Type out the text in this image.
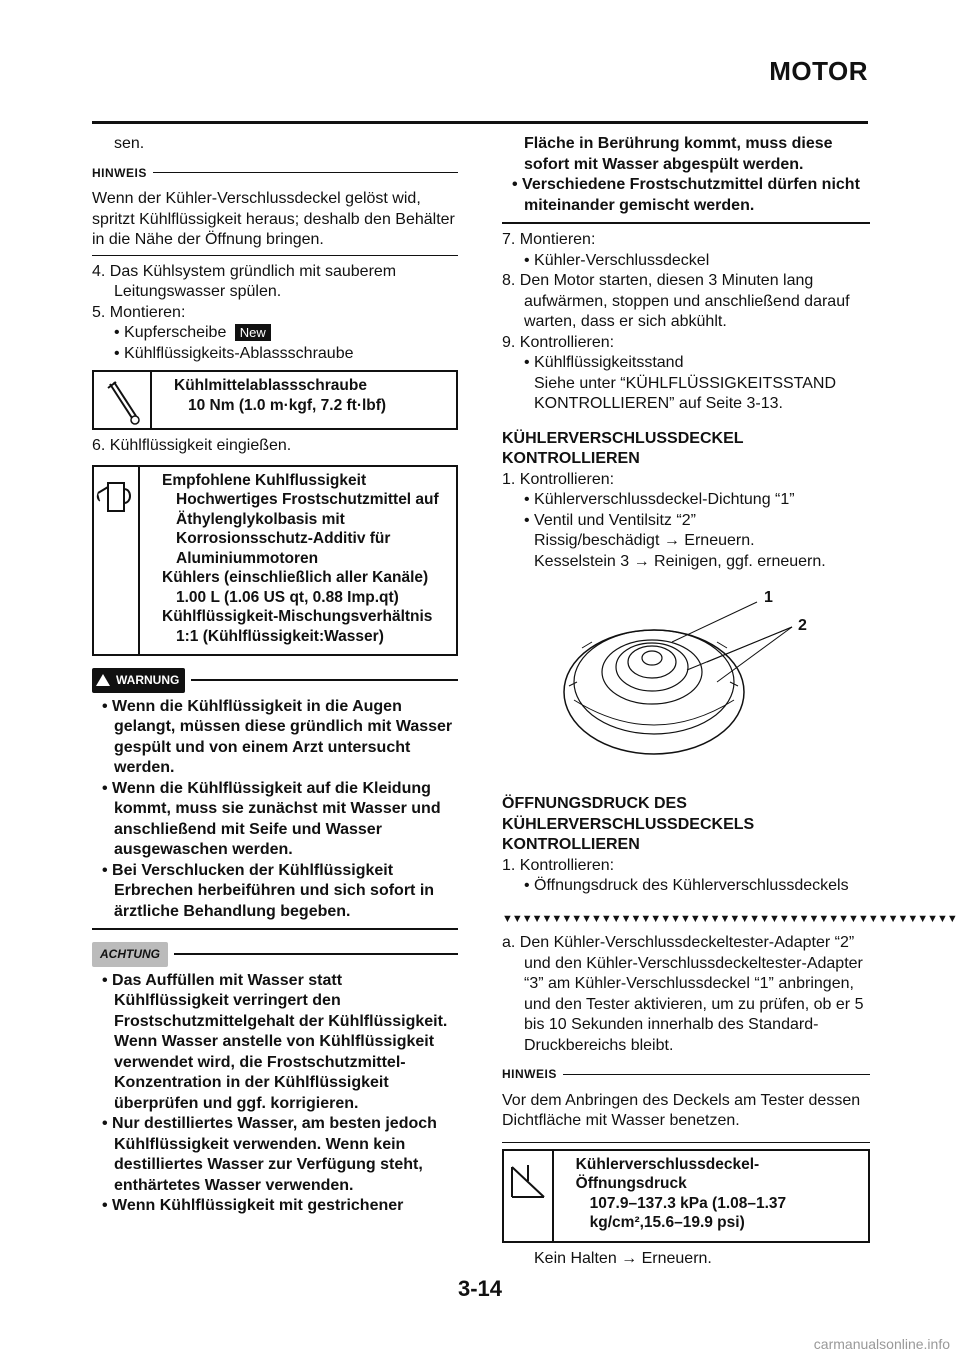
MOTOR

sen.

HINWEIS

Wenn der Kühler-Verschlussdeckel gelöst wid, spritzt Kühlflüssigkeit heraus; deshalb den Behälter in die Nähe der Öffnung bringen.

4. Das Kühlsystem gründlich mit sauberem Leitungswasser spülen.

5. Montieren:

• Kupferscheibe New

• Kühlflüssigkeits-Ablassschraube

Kühlmittelablassschraube
10 Nm (1.0 m·kgf, 7.2 ft·lbf)

6. Kühlflüssigkeit eingießen.

Empfohlene Kuhlflussigkeit
Hochwertiges Frostschutzmittel auf Äthylenglykolbasis mit Korrosionsschutz-Additiv für Aluminiummotoren
Kühlers (einschließlich aller Kanäle)
1.00 L (1.06 US qt, 0.88 Imp.qt)
Kühlflüssigkeit-Mischungsverhältnis
1:1 (Kühlflüssigkeit:Wasser)
WARNUNG

• Wenn die Kühlflüssigkeit in die Augen gelangt, müssen diese gründlich mit Wasser gespült und von einem Arzt untersucht werden.

• Wenn die Kühlflüssigkeit auf die Kleidung kommt, muss sie zunächst mit Wasser und anschließend mit Seife und Wasser ausgewaschen werden.

• Bei Verschlucken der Kühlflüssigkeit Erbrechen herbeiführen und sich sofort in ärztliche Behandlung begeben.

ACHTUNG

• Das Auffüllen mit Wasser statt Kühlflüssigkeit verringert den Frostschutzmittelgehalt der Kühlflüssigkeit. Wenn Wasser anstelle von Kühlflüssigkeit verwendet wird, die Frostschutzmittel-Konzentration in der Kühlflüssigkeit überprüfen und ggf. korrigieren.

• Nur destilliertes Wasser, am besten jedoch Kühlflüssigkeit verwenden. Wenn kein destilliertes Wasser zur Verfügung steht, enthärtetes Wasser verwenden.

• Wenn Kühlflüssigkeit mit gestrichener

Fläche in Berührung kommt, muss diese sofort mit Wasser abgespült werden.

• Verschiedene Frostschutzmittel dürfen nicht miteinander gemischt werden.

7. Montieren:

• Kühler-Verschlussdeckel

8. Den Motor starten, diesen 3 Minuten lang aufwärmen, stoppen und anschließend darauf warten, dass er sich abkühlt.

9. Kontrollieren:

• Kühlflüssigkeitsstand

Siehe unter “KÜHLFLÜSSIGKEITSSTAND KONTROLLIEREN” auf Seite 3-13.

KÜHLERVERSCHLUSSDECKEL KONTROLLIEREN

1. Kontrollieren:

• Kühlerverschlussdeckel-Dichtung “1”

• Ventil und Ventilsitz “2”

Rissig/beschädigt → Erneuern.

Kesselstein 3 → Reinigen, ggf. erneuern.

1
2

ÖFFNUNGSDRUCK DES KÜHLERVERSCHLUSSDECKELS KONTROLLIEREN

1. Kontrollieren:

• Öffnungsdruck des Kühlerverschlussdeckels

▼▼▼▼▼▼▼▼▼▼▼▼▼▼▼▼▼▼▼▼▼▼▼▼▼▼▼▼▼▼▼▼▼▼▼▼▼▼▼▼▼▼▼▼▼▼

a. Den Kühler-Verschlussdeckeltester-Adapter “2” und den Kühler-Verschlussdeckeltester-Adapter “3” am Kühler-Verschlussdeckel “1” anbringen, und den Tester aktivieren, um zu prüfen, ob er 5 bis 10 Sekunden innerhalb des Standard-Druckbereichs bleibt.

HINWEIS

Vor dem Anbringen des Deckels am Tester dessen Dichtfläche mit Wasser benetzen.

Kühlerverschlussdeckel-Öffnungsdruck
107.9–137.3 kPa (1.08–1.37 kg/cm²,15.6–19.9 psi)

Kein Halten → Erneuern.

3-14
carmanualsonline.info
